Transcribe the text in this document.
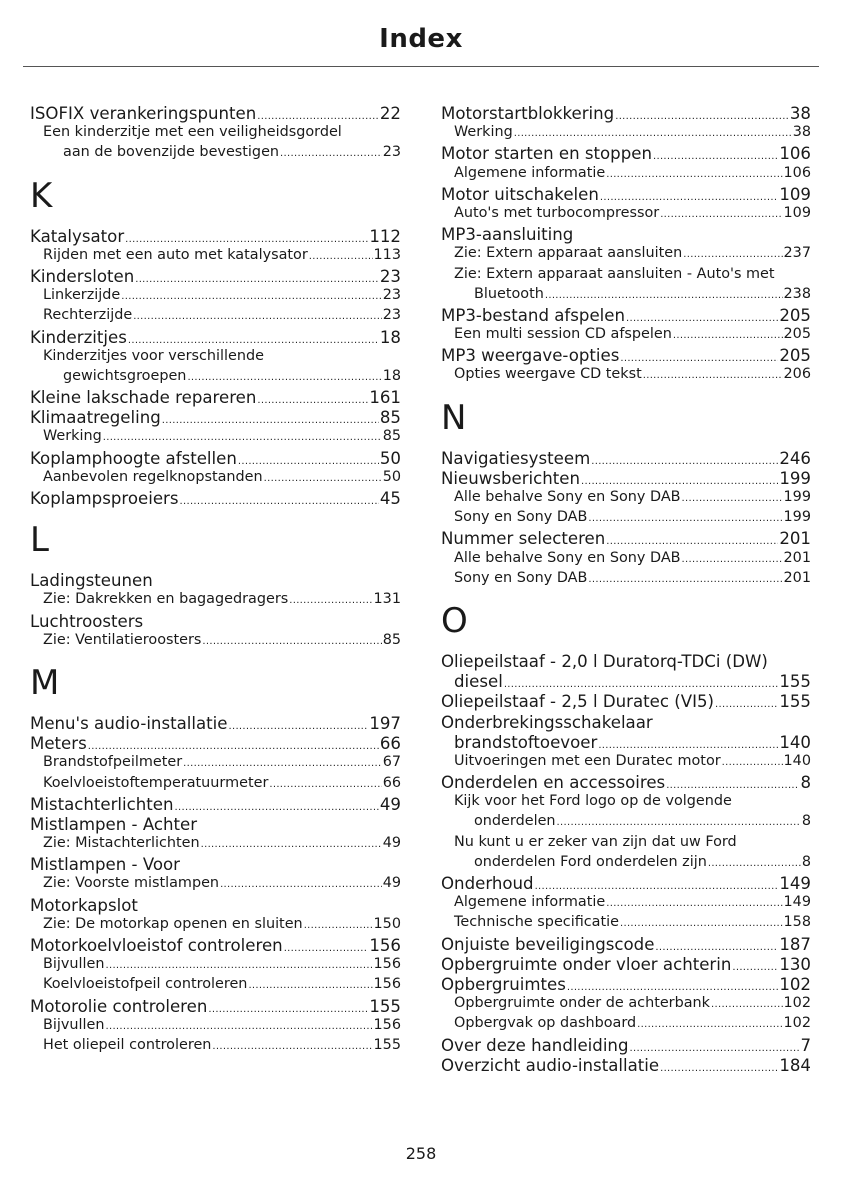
Index
ISOFIX verankeringspunten .....	22
Een kinderzitje met een veiligheidsgordel
aan de bovenzijde bevestigen .....	23
K
Katalysator .....	112
Rijden met een auto met katalysator .....	113
Kindersloten .....	23
Linkerzijde .....	23
Rechterzijde .....	23
Kinderzitjes .....	18
Kinderzitjes voor verschillende
gewichtsgroepen .....	18
Kleine lakschade repareren .....	161
Klimaatregeling .....	85
Werking .....	85
Koplamphoogte afstellen .....	50
Aanbevolen regelknopstanden .....	50
Koplampsproeiers .....	45
L
Ladingsteunen
Zie: Dakrekken en bagagedragers .....	131
Luchtroosters
Zie: Ventilatieroosters .....	85
M
Menu's audio-installatie .....	197
Meters .....	66
Brandstofpeilmeter .....	67
Koelvloeistoftemperatuurmeter .....	66
Mistachterlichten .....	49
Mistlampen - Achter
Zie: Mistachterlichten .....	49
Mistlampen - Voor
Zie: Voorste mistlampen .....	49
Motorkapslot
Zie: De motorkap openen en sluiten .....	150
Motorkoelvloeistof controleren .....	156
Bijvullen .....	156
Koelvloeistofpeil controleren .....	156
Motorolie controleren .....	155
Bijvullen .....	156
Het oliepeil controleren .....	155
Motorstartblokkering .....	38
Werking .....	38
Motor starten en stoppen .....	106
Algemene informatie .....	106
Motor uitschakelen .....	109
Auto's met turbocompressor .....	109
MP3-aansluiting
Zie: Extern apparaat aansluiten .....	237
Zie: Extern apparaat aansluiten - Auto's met
Bluetooth .....	238
MP3-bestand afspelen .....	205
Een multi session CD afspelen .....	205
MP3 weergave-opties .....	205
Opties weergave CD tekst .....	206
N
Navigatiesysteem .....	246
Nieuwsberichten .....	199
Alle behalve Sony en Sony DAB .....	199
Sony en Sony DAB .....	199
Nummer selecteren .....	201
Alle behalve Sony en Sony DAB .....	201
Sony en Sony DAB .....	201
O
Oliepeilstaaf - 2,0 l Duratorq-TDCi (DW)
diesel .....	155
Oliepeilstaaf - 2,5 l Duratec (VI5) .....	155
Onderbrekingsschakelaar
brandstoftoevoer .....	140
Uitvoeringen met een Duratec motor .....	140
Onderdelen en accessoires .....	8
Kijk voor het Ford logo op de volgende
onderdelen .....	8
Nu kunt u er zeker van zijn dat uw Ford
onderdelen Ford onderdelen zijn .....	8
Onderhoud .....	149
Algemene informatie .....	149
Technische specificatie .....	158
Onjuiste beveiligingscode .....	187
Opbergruimte onder vloer achterin .....	130
Opbergruimtes .....	102
Opbergruimte onder de achterbank .....	102
Opbergvak op dashboard .....	102
Over deze handleiding .....	7
Overzicht audio-installatie .....	184
258
